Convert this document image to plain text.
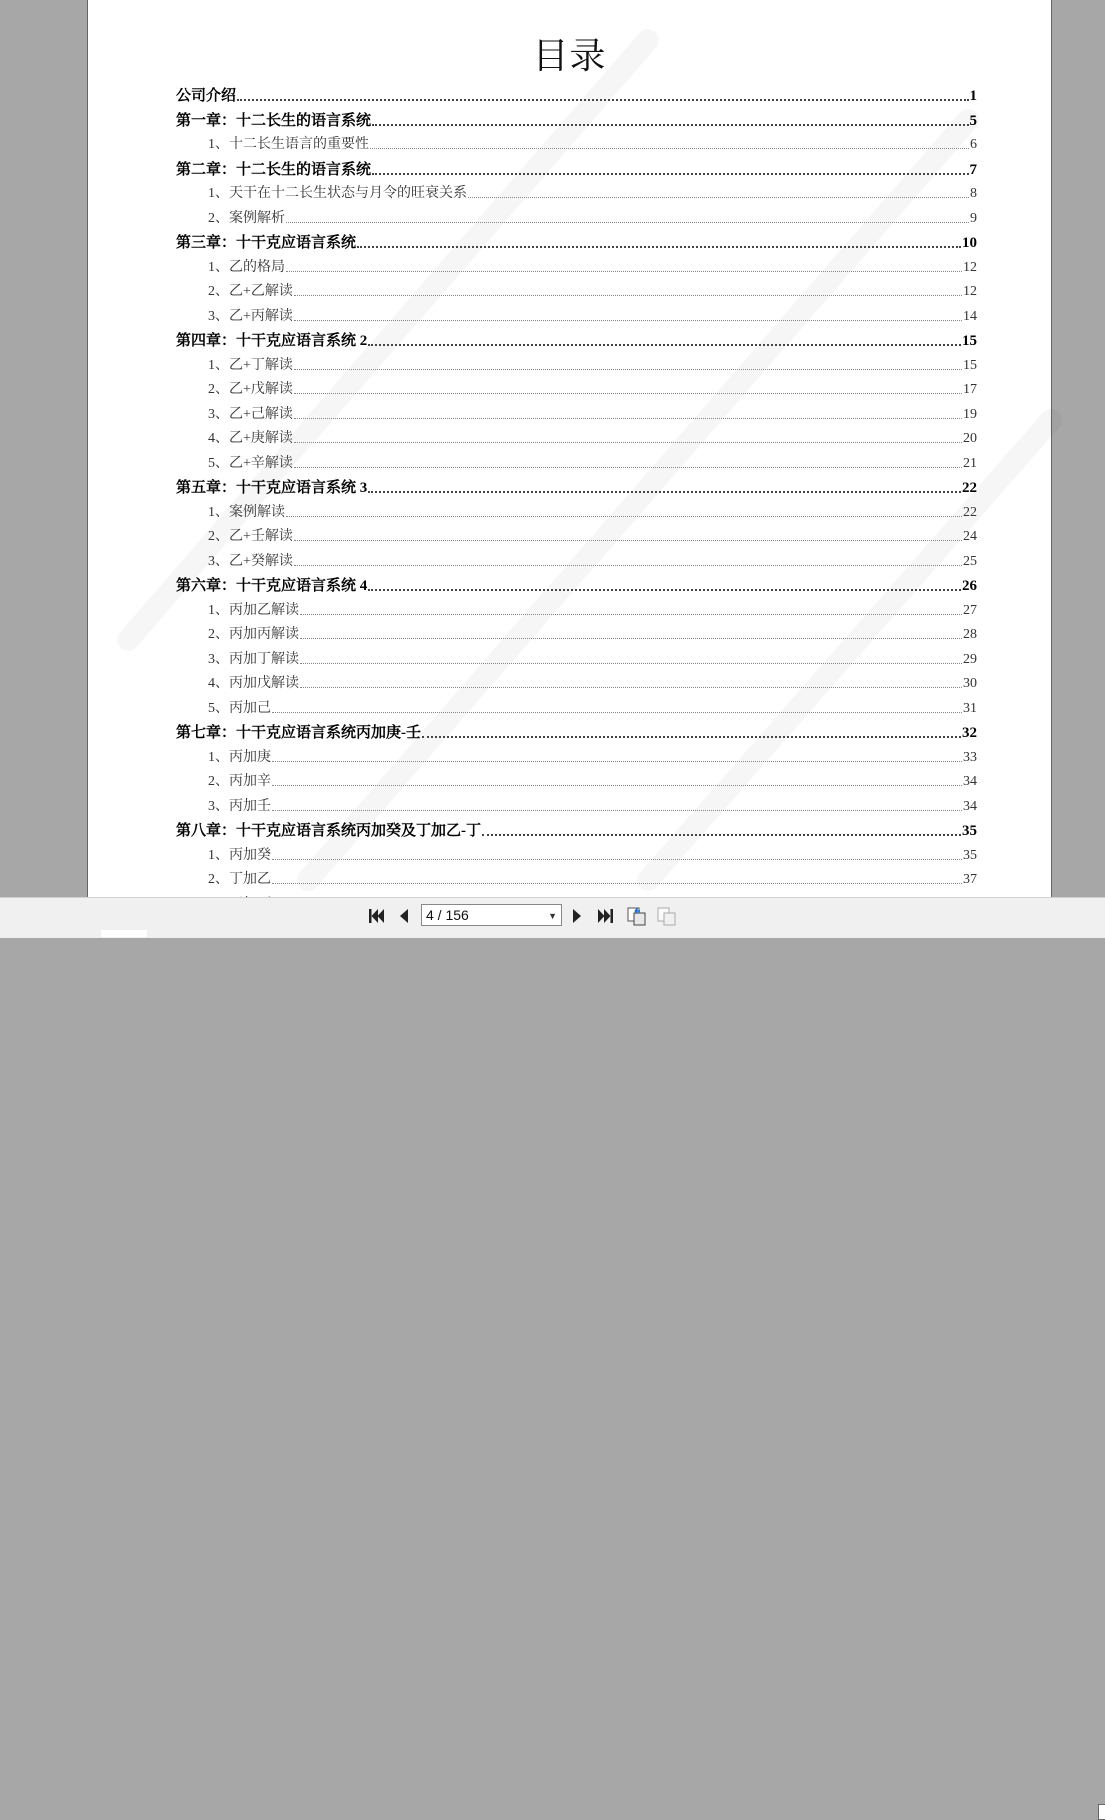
目录
公司介绍	1
第一章：十二长生的语言系统	5
1、十二长生语言的重要性	6
第二章：十二长生的语言系统	7
1、天干在十二长生状态与月令的旺衰关系	8
2、案例解析	9
第三章：十干克应语言系统	10
1、乙的格局	12
2、乙+乙解读	12
3、乙+丙解读	14
第四章：十干克应语言系统 2	15
1、乙+丁解读	15
2、乙+戊解读	17
3、乙+己解读	19
4、乙+庚解读	20
5、乙+辛解读	21
第五章：十干克应语言系统 3	22
1、案例解读	22
2、乙+壬解读	24
3、乙+癸解读	25
第六章：十干克应语言系统 4	26
1、丙加乙解读	27
2、丙加丙解读	28
3、丙加丁解读	29
4、丙加戊解读	30
5、丙加己	31
第七章：十干克应语言系统丙加庚-壬	32
1、丙加庚	33
2、丙加辛	34
3、丙加壬	34
第八章：十干克应语言系统丙加癸及丁加乙-丁	35
1、丙加癸	35
2、丁加乙	37
4 / 156	▼
